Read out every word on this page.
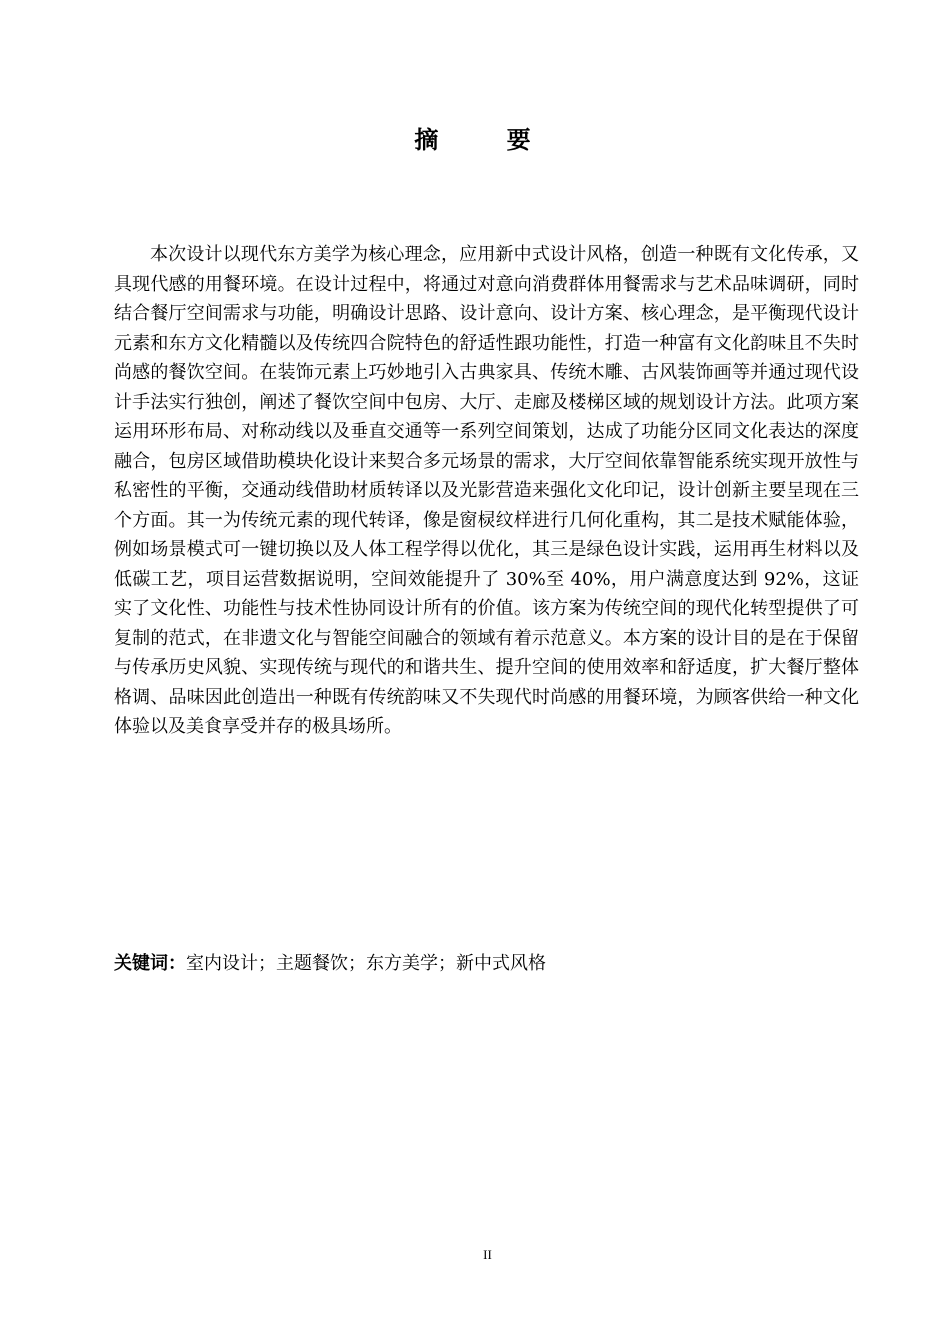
摘 要

本次设计以现代东方美学为核心理念，应用新中式设计风格，创造一种既有文化传承，又具现代感的用餐环境。在设计过程中，将通过对意向消费群体用餐需求与艺术品味调研，同时结合餐厅空间需求与功能，明确设计思路、设计意向、设计方案、核心理念，是平衡现代设计元素和东方文化精髓以及传统四合院特色的舒适性跟功能性，打造一种富有文化韵味且不失时尚感的餐饮空间。在装饰元素上巧妙地引入古典家具、传统木雕、古风装饰画等并通过现代设计手法实行独创，阐述了餐饮空间中包房、大厅、走廊及楼梯区域的规划设计方法。此项方案运用环形布局、对称动线以及垂直交通等一系列空间策划，达成了功能分区同文化表达的深度融合，包房区域借助模块化设计来契合多元场景的需求，大厅空间依靠智能系统实现开放性与私密性的平衡，交通动线借助材质转译以及光影营造来强化文化印记，设计创新主要呈现在三个方面。其一为传统元素的现代转译，像是窗棂纹样进行几何化重构，其二是技术赋能体验，例如场景模式可一键切换以及人体工程学得以优化，其三是绿色设计实践，运用再生材料以及低碳工艺，项目运营数据说明，空间效能提升了 30%至 40%，用户满意度达到 92%，这证实了文化性、功能性与技术性协同设计所有的价值。该方案为传统空间的现代化转型提供了可复制的范式，在非遗文化与智能空间融合的领域有着示范意义。本方案的设计目的是在于保留与传承历史风貌、实现传统与现代的和谐共生、提升空间的使用效率和舒适度，扩大餐厅整体格调、品味因此创造出一种既有传统韵味又不失现代时尚感的用餐环境，为顾客供给一种文化体验以及美食享受并存的极具场所。

关键词：室内设计；主题餐饮；东方美学；新中式风格

II
